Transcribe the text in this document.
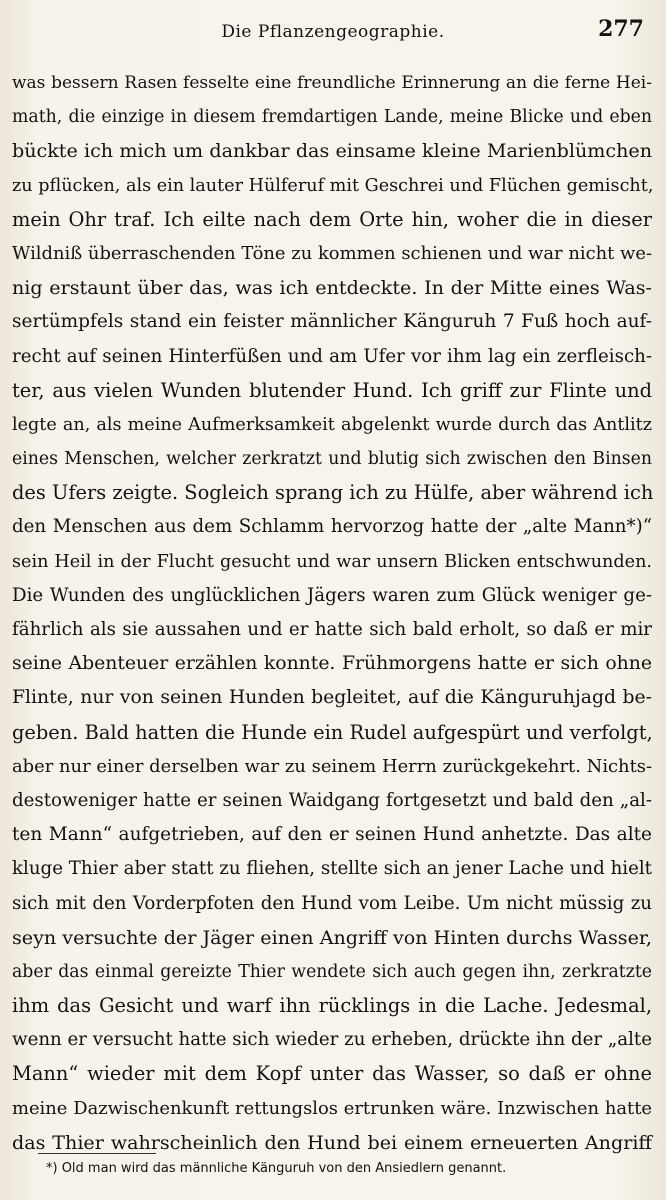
Die Pflanzengeographie.	277
was bessern Rasen fesselte eine freundliche Erinnerung an die ferne Hei-
math, die einzige in diesem fremdartigen Lande, meine Blicke und eben
bückte ich mich um dankbar das einsame kleine Marienblümchen
zu pflücken, als ein lauter Hülferuf mit Geschrei und Flüchen gemischt,
mein Ohr traf. Ich eilte nach dem Orte hin, woher die in dieser
Wildniß überraschenden Töne zu kommen schienen und war nicht we-
nig erstaunt über das, was ich entdeckte. In der Mitte eines Was-
sertümpfels stand ein feister männlicher Känguruh 7 Fuß hoch auf-
recht auf seinen Hinterfüßen und am Ufer vor ihm lag ein zerfleisch-
ter, aus vielen Wunden blutender Hund. Ich griff zur Flinte und
legte an, als meine Aufmerksamkeit abgelenkt wurde durch das Antlitz
eines Menschen, welcher zerkratzt und blutig sich zwischen den Binsen
des Ufers zeigte. Sogleich sprang ich zu Hülfe, aber während ich
den Menschen aus dem Schlamm hervorzog hatte der „alte Mann*)“
sein Heil in der Flucht gesucht und war unsern Blicken entschwunden.
Die Wunden des unglücklichen Jägers waren zum Glück weniger ge-
fährlich als sie aussahen und er hatte sich bald erholt, so daß er mir
seine Abenteuer erzählen konnte. Frühmorgens hatte er sich ohne
Flinte, nur von seinen Hunden begleitet, auf die Känguruhjagd be-
geben. Bald hatten die Hunde ein Rudel aufgespürt und verfolgt,
aber nur einer derselben war zu seinem Herrn zurückgekehrt. Nichts-
destoweniger hatte er seinen Waidgang fortgesetzt und bald den „al-
ten Mann“ aufgetrieben, auf den er seinen Hund anhetzte. Das alte
kluge Thier aber statt zu fliehen, stellte sich an jener Lache und hielt
sich mit den Vorderpfoten den Hund vom Leibe. Um nicht müssig zu
seyn versuchte der Jäger einen Angriff von Hinten durchs Wasser,
aber das einmal gereizte Thier wendete sich auch gegen ihn, zerkratzte
ihm das Gesicht und warf ihn rücklings in die Lache. Jedesmal,
wenn er versucht hatte sich wieder zu erheben, drückte ihn der „alte
Mann“ wieder mit dem Kopf unter das Wasser, so daß er ohne
meine Dazwischenkunft rettungslos ertrunken wäre. Inzwischen hatte
das Thier wahrscheinlich den Hund bei einem erneuerten Angriff
*) Old man wird das männliche Känguruh von den Ansiedlern genannt.
